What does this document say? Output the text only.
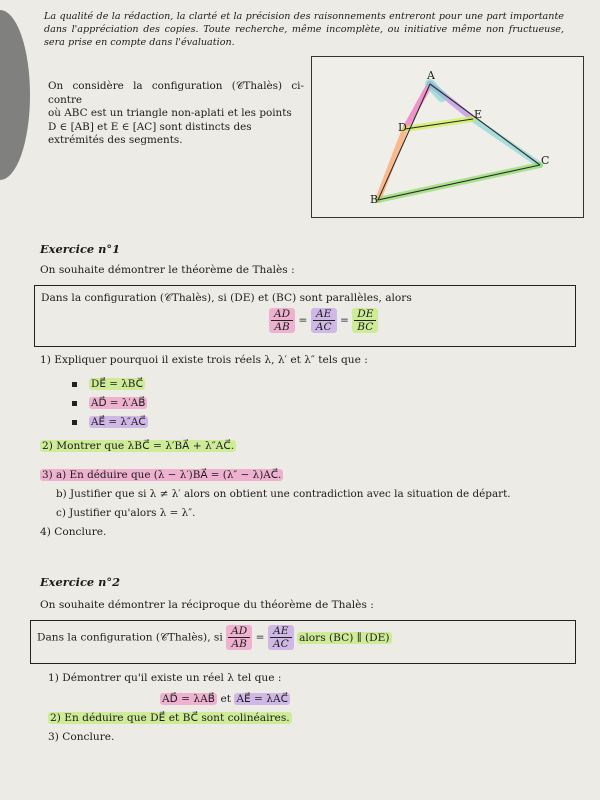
La qualité de la rédaction, la clarté et la précision des raisonnements entreront pour une part importante dans l'appréciation des copies. Toute recherche, même incomplète, ou initiative même non fructueuse, sera prise en compte dans l'évaluation.
On considère la configuration (𝒞Thalès) ci-contre
où ABC est un triangle non-aplati et les points
D ∈ [AB] et E ∈ [AC] sont distincts des
extrémités des segments.
A
D
E
C
B
Exercice n°1
On souhaite démontrer le théorème de Thalès :
Dans la configuration (𝒞Thalès), si (DE) et (BC) sont parallèles, alors
$\frac{AD}{AB} = \frac{AE}{AC} = \frac{DE}{BC}$
1) Expliquer pourquoi il existe trois réels λ, λ′ et λ″ tels que :
DE⃗ = λBC⃗
AD⃗ = λ′AB⃗
AE⃗ = λ″AC⃗
2) Montrer que λBC⃗ = λ′BA⃗ + λ″AC⃗.
3) a) En déduire que (λ − λ′)BA⃗ = (λ″ − λ)AC⃗.
b) Justifier que si λ ≠ λ′ alors on obtient une contradiction avec la situation de départ.
c) Justifier qu'alors λ = λ″.
4) Conclure.
Exercice n°2
On souhaite démontrer la réciproque du théorème de Thalès :
Dans la configuration (𝒞Thalès), si $\frac{AD}{AB} = \frac{AE}{AC}$ alors (BC) ∥ (DE)
1) Démontrer qu'il existe un réel λ tel que :
AD⃗ = λAB⃗ et AE⃗ = λAC⃗
2) En déduire que DE⃗ et BC⃗ sont colinéaires.
3) Conclure.
